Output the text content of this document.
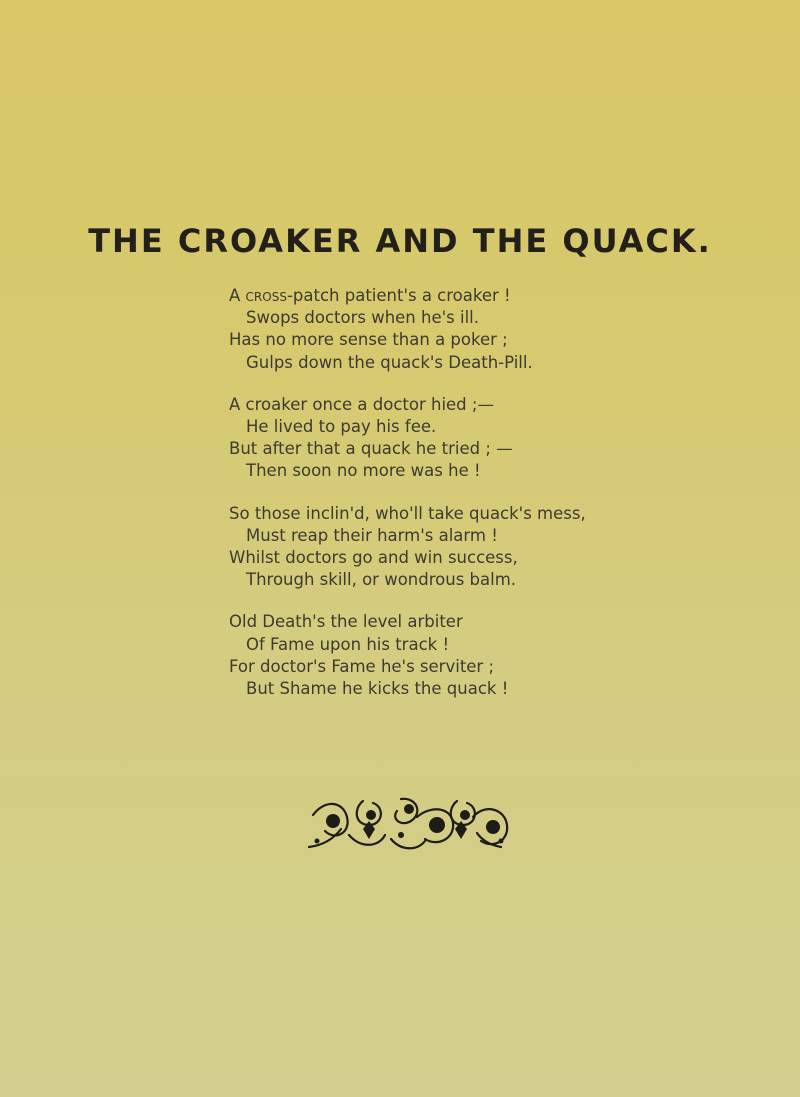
THE CROAKER AND THE QUACK.
A cross-patch patient's a croaker !
Swops doctors when he's ill.
Has no more sense than a poker ;
Gulps down the quack's Death-Pill.
A croaker once a doctor hied ;—
He lived to pay his fee.
But after that a quack he tried ; —
Then soon no more was he !
So those inclin'd, who'll take quack's mess,
Must reap their harm's alarm !
Whilst doctors go and win success,
Through skill, or wondrous balm.
Old Death's the level arbiter
Of Fame upon his track !
For doctor's Fame he's serviter ;
But Shame he kicks the quack !
